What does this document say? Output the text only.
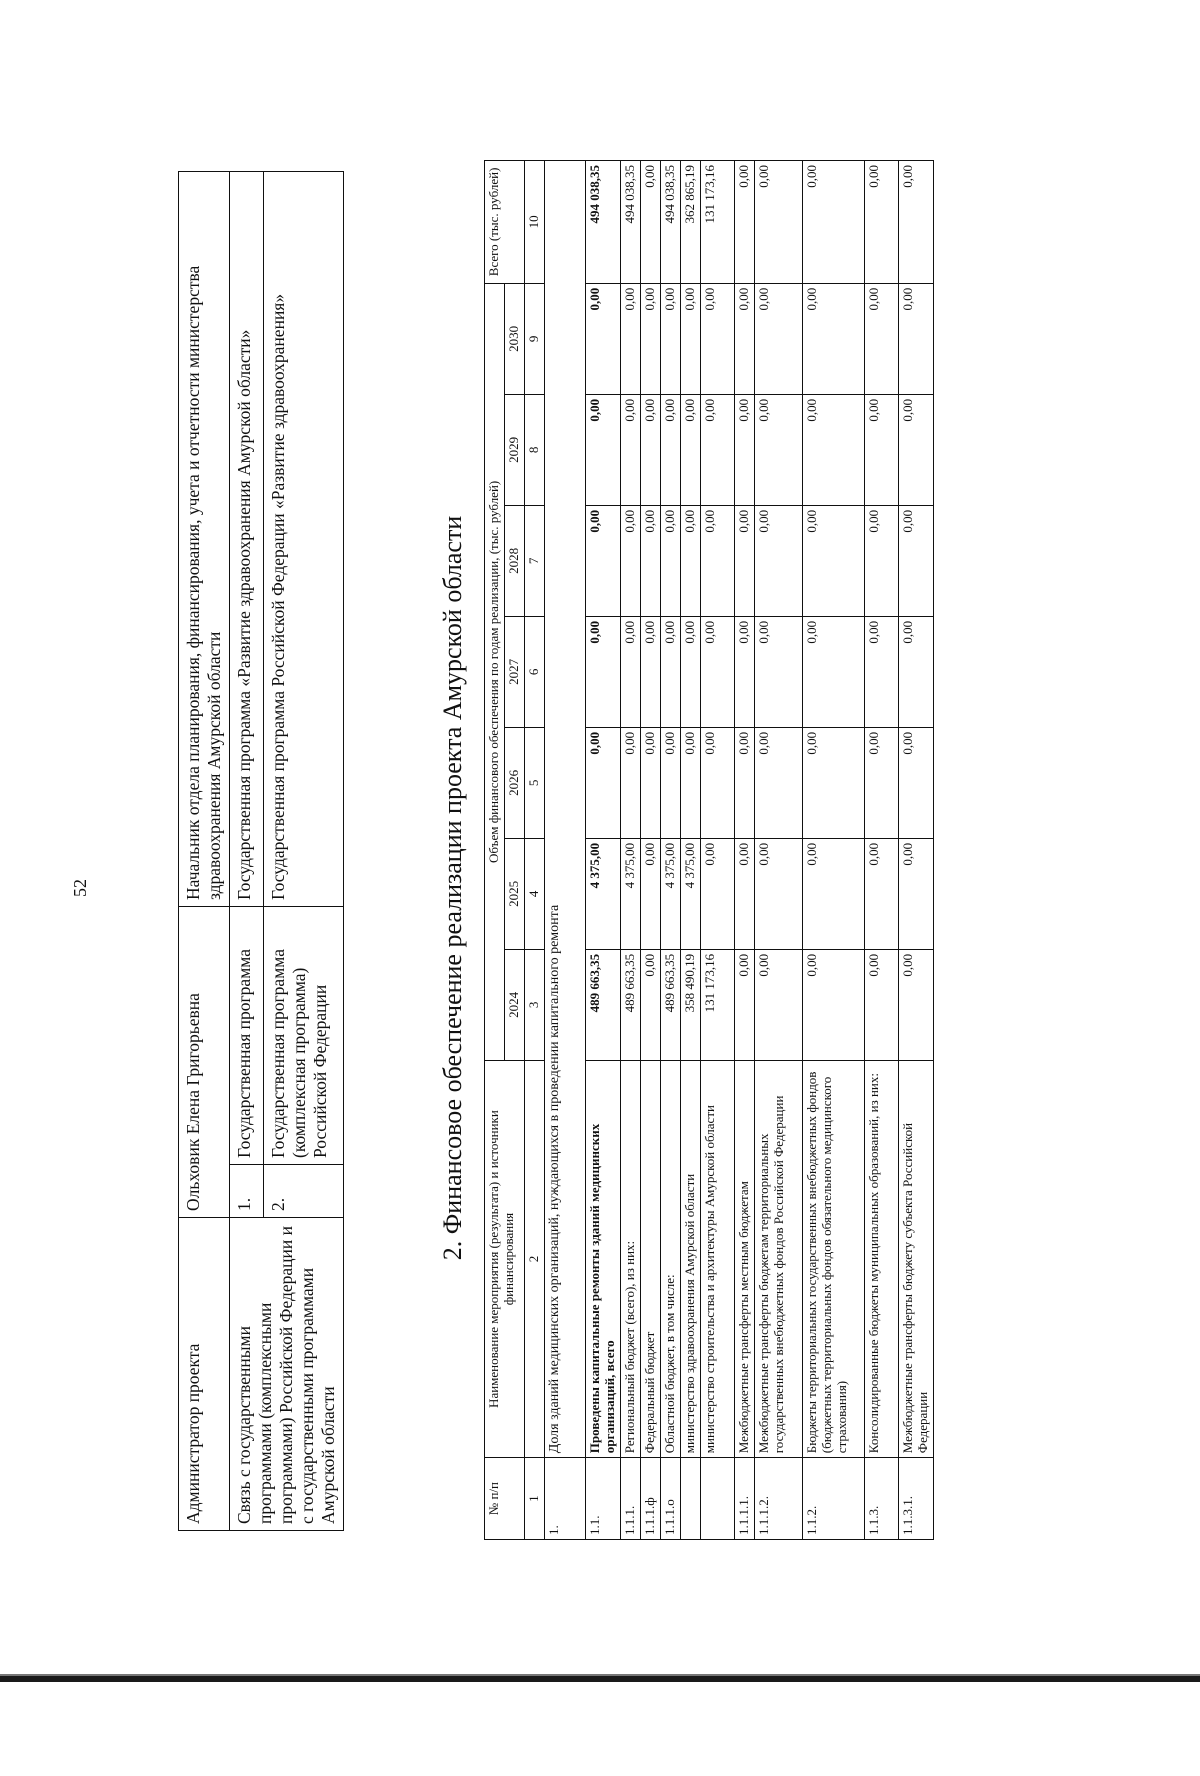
52
Администратор проекта	Ольховик Елена Григорьевна		Начальник отдела планирования, финансирования, учета и отчетности министерства здравоохранения Амурской области
Связь с государственными программами (комплексными программами) Российской Федерации и с государственными программами Амурской области	1.	Государственная программа	Государственная программа «Развитие здравоохранения Амурской области»
	2.	Государственная программа (комплексная программа) Российской Федерации	Государственная программа Российской Федерации «Развитие здравоохранения»	2. Финансовое обеспечение реализации проекта Амурской области
№ п/п	Наименование мероприятия (результата) и источники финансирования	Объем финансового обеспечения по годам реализации, (тыс. рублей)							Всего (тыс. рублей)
		2024	2025	2026	2027	2028	2029	2030	
1	2	3	4	5	6	7	8	9	10
1.	Доля зданий медицинских организаций, нуждающихся в проведении капитального ремонта								
1.1.	Проведены капитальные ремонты зданий медицинских организаций, всего	489 663,35	4 375,00	0,00	0,00	0,00	0,00	0,00	494 038,35
1.1.1.	Региональный бюджет (всего), из них:	489 663,35	4 375,00	0,00	0,00	0,00	0,00	0,00	494 038,35
1.1.1.ф	Федеральный бюджет	0,00	0,00	0,00	0,00	0,00	0,00	0,00	0,00
1.1.1.о	Областной бюджет, в том числе:	489 663,35	4 375,00	0,00	0,00	0,00	0,00	0,00	494 038,35
	министерство здравоохранения Амурской области	358 490,19	4 375,00	0,00	0,00	0,00	0,00	0,00	362 865,19
	министерство строительства и архитектуры Амурской области	131 173,16	0,00	0,00	0,00	0,00	0,00	0,00	131 173,16
1.1.1.1.	Межбюджетные трансферты местным бюджетам	0,00	0,00	0,00	0,00	0,00	0,00	0,00	0,00
1.1.1.2.	Межбюджетные трансферты бюджетам территориальных государственных внебюджетных фондов Российской Федерации	0,00	0,00	0,00	0,00	0,00	0,00	0,00	0,00
1.1.2.	Бюджеты территориальных государственных внебюджетных фондов (бюджетных территориальных фондов обязательного медицинского страхования)	0,00	0,00	0,00	0,00	0,00	0,00	0,00	0,00
1.1.3.	Консолидированные бюджеты муниципальных образований, из них:	0,00	0,00	0,00	0,00	0,00	0,00	0,00	0,00
1.1.3.1.	Межбюджетные трансферты бюджету субъекта Российской Федерации	0,00	0,00	0,00	0,00	0,00	0,00	0,00	0,00
